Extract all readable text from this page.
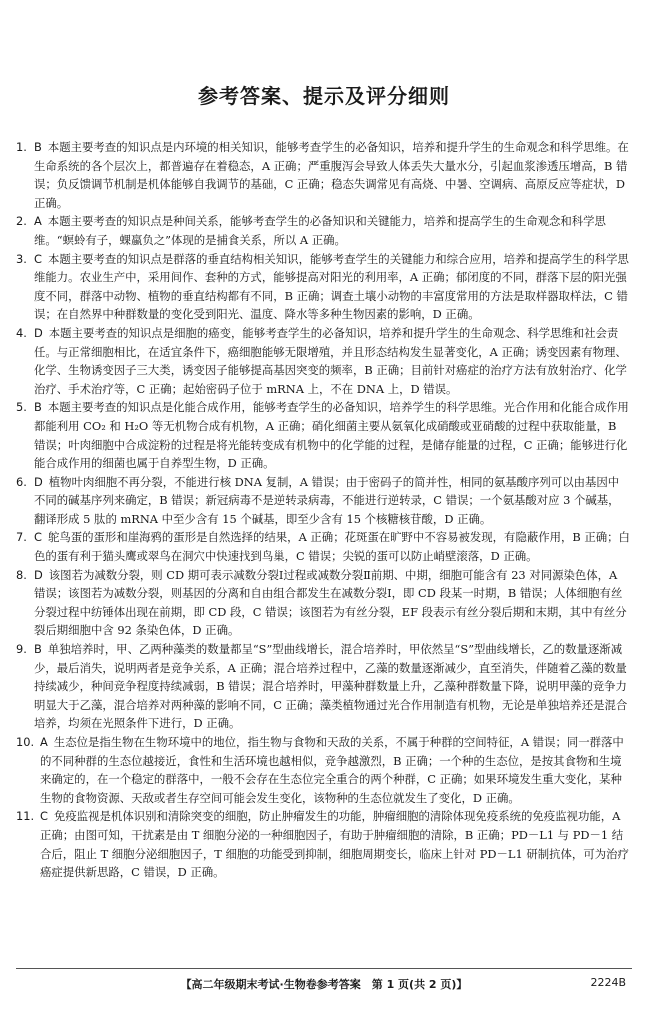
参考答案、提示及评分细则

1. B 本题主要考查的知识点是内环境的相关知识，能够考查学生的必备知识，培养和提升学生的生命观念和科学思维。在生命系统的各个层次上，都普遍存在着稳态，A 正确；严重腹泻会导致人体丢失大量水分，引起血浆渗透压增高，B 错误；负反馈调节机制是机体能够自我调节的基础，C 正确；稳态失调常见有高烧、中暑、空调病、高原反应等症状，D 正确。

2. A 本题主要考查的知识点是种间关系，能够考查学生的必备知识和关键能力，培养和提高学生的生命观念和科学思维。“螟蛉有子，蜾蠃负之”体现的是捕食关系，所以 A 正确。

3. C 本题主要考查的知识点是群落的垂直结构相关知识，能够考查学生的关键能力和综合应用，培养和提高学生的科学思维能力。农业生产中，采用间作、套种的方式，能够提高对阳光的利用率，A 正确；郁闭度的不同，群落下层的阳光强度不同，群落中动物、植物的垂直结构都有不同，B 正确；调查土壤小动物的丰富度常用的方法是取样器取样法，C 错误；在自然界中种群数量的变化受到阳光、温度、降水等多种生物因素的影响，D 正确。

4. D 本题主要考查的知识点是细胞的癌变，能够考查学生的必备知识，培养和提升学生的生命观念、科学思维和社会责任。与正常细胞相比，在适宜条件下，癌细胞能够无限增殖，并且形态结构发生显著变化，A 正确；诱变因素有物理、化学、生物诱变因子三大类，诱变因子能够提高基因突变的频率，B 正确；目前针对癌症的治疗方法有放射治疗、化学治疗、手术治疗等，C 正确；起始密码子位于 mRNA 上，不在 DNA 上，D 错误。

5. B 本题主要考查的知识点是化能合成作用，能够考查学生的必备知识，培养学生的科学思维。光合作用和化能合成作用都能利用 CO₂ 和 H₂O 等无机物合成有机物，A 正确；硝化细菌主要从氨氧化成硝酸或亚硝酸的过程中获取能量，B 错误；叶肉细胞中合成淀粉的过程是将光能转变成有机物中的化学能的过程，是储存能量的过程，C 正确；能够进行化能合成作用的细菌也属于自养型生物，D 正确。

6. D 植物叶肉细胞不再分裂，不能进行核 DNA 复制，A 错误；由于密码子的简并性，相同的氨基酸序列可以由基因中不同的碱基序列来确定，B 错误；新冠病毒不是逆转录病毒，不能进行逆转录，C 错误；一个氨基酸对应 3 个碱基，翻译形成 5 肽的 mRNA 中至少含有 15 个碱基，即至少含有 15 个核糖核苷酸，D 正确。

7. C 鸵鸟蛋的蛋形和崖海鸦的蛋形是自然选择的结果，A 正确；花斑蛋在旷野中不容易被发现，有隐蔽作用，B 正确；白色的蛋有利于猫头鹰或翠鸟在洞穴中快速找到鸟巢，C 错误；尖锐的蛋可以防止峭壁滚落，D 正确。

8. D 该图若为减数分裂，则 CD 期可表示减数分裂Ⅰ过程或减数分裂Ⅱ前期、中期，细胞可能含有 23 对同源染色体，A 错误；该图若为减数分裂，则基因的分离和自由组合都发生在减数分裂Ⅰ，即 CD 段某一时期，B 错误；人体细胞有丝分裂过程中纺锤体出现在前期，即 CD 段，C 错误；该图若为有丝分裂，EF 段表示有丝分裂后期和末期，其中有丝分裂后期细胞中含 92 条染色体，D 正确。

9. B 单独培养时，甲、乙两种藻类的数量都呈“S”型曲线增长，混合培养时，甲依然呈“S”型曲线增长，乙的数量逐渐减少，最后消失，说明两者是竞争关系，A 正确；混合培养过程中，乙藻的数量逐渐减少，直至消失，伴随着乙藻的数量持续减少，种间竞争程度持续减弱，B 错误；混合培养时，甲藻种群数量上升，乙藻种群数量下降，说明甲藻的竞争力明显大于乙藻，混合培养对两种藻的影响不同，C 正确；藻类植物通过光合作用制造有机物，无论是单独培养还是混合培养，均须在光照条件下进行，D 正确。

10. A 生态位是指生物在生物环境中的地位，指生物与食物和天敌的关系，不属于种群的空间特征，A 错误；同一群落中的不同种群的生态位越接近，食性和生活环境也越相似，竞争越激烈，B 正确；一个种的生态位，是按其食物和生境来确定的，在一个稳定的群落中，一般不会存在生态位完全重合的两个种群，C 正确；如果环境发生重大变化，某种生物的食物资源、天敌或者生存空间可能会发生变化，该物种的生态位就发生了变化，D 正确。

11. C 免疫监视是机体识别和清除突变的细胞，防止肿瘤发生的功能，肿瘤细胞的清除体现免疫系统的免疫监视功能，A 正确；由图可知，干扰素是由 T 细胞分泌的一种细胞因子，有助于肿瘤细胞的清除，B 正确；PD－L1 与 PD－1 结合后，阻止 T 细胞分泌细胞因子，T 细胞的功能受到抑制，细胞周期变长，临床上针对 PD－L1 研制抗体，可为治疗癌症提供新思路，C 错误，D 正确。

【高二年级期末考试·生物卷参考答案　第 1 页(共 2 页)】	2224B
